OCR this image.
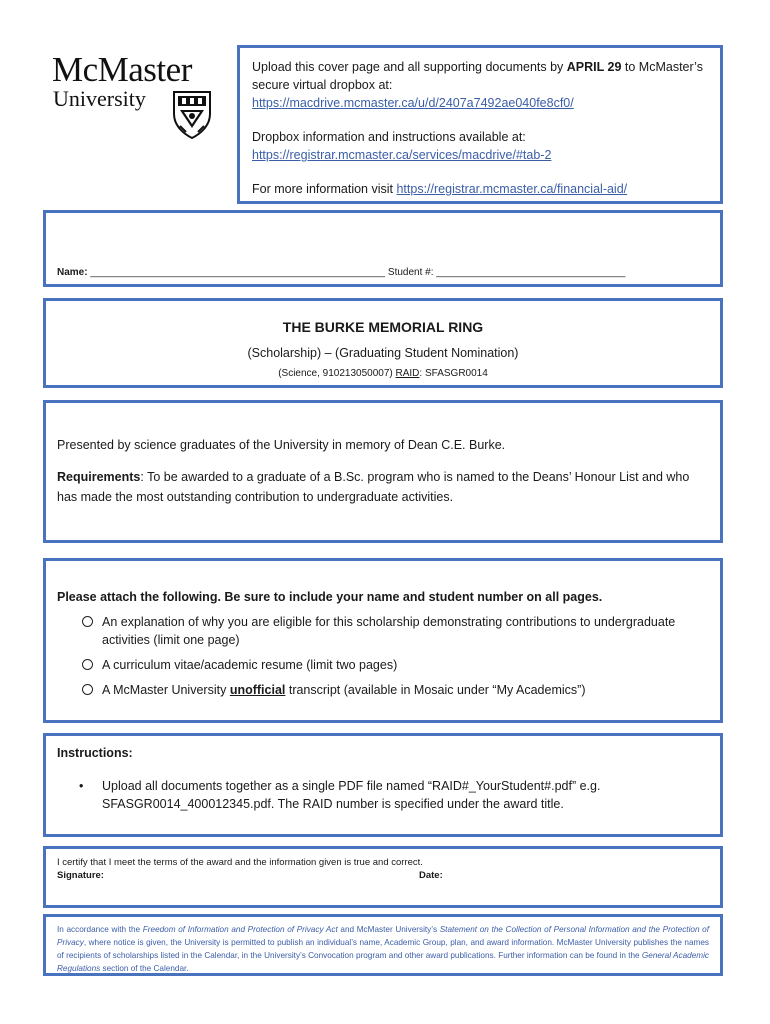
McMaster
University

Upload this cover page and all supporting documents by APRIL 29 to McMaster’s secure virtual dropbox at:
https://macdrive.mcmaster.ca/u/d/2407a7492ae040fe8cf0/

Dropbox information and instructions available at:
https://registrar.mcmaster.ca/services/macdrive/#tab-2

For more information visit https://registrar.mcmaster.ca/financial-aid/

Name: _____________________________________________________ Student #: __________________________________
THE BURKE MEMORIAL RING
(Scholarship) – (Graduating Student Nomination)
(Science, 910213050007) RAID: SFASGR0014

Presented by science graduates of the University in memory of Dean C.E. Burke.

Requirements: To be awarded to a graduate of a B.Sc. program who is named to the Deans’ Honour List and who has made the most outstanding contribution to undergraduate activities.

Please attach the following. Be sure to include your name and student number on all pages.
An explanation of why you are eligible for this scholarship demonstrating contributions to undergraduate activities (limit one page)
A curriculum vitae/academic resume (limit two pages)
A McMaster University unofficial transcript (available in Mosaic under “My Academics”)
Instructions:
• Upload all documents together as a single PDF file named “RAID#_YourStudent#.pdf” e.g. SFASGR0014_400012345.pdf. The RAID number is specified under the award title.
I certify that I meet the terms of the award and the information given is true and correct.
Signature:	Date:
In accordance with the Freedom of Information and Protection of Privacy Act and McMaster University’s Statement on the Collection of Personal Information and the Protection of Privacy, where notice is given, the University is permitted to publish an individual’s name, Academic Group, plan, and award information. McMaster University publishes the names of recipients of scholarships listed in the Calendar, in the University’s Convocation program and other award publications. Further information can be found in the General Academic Regulations section of the Calendar.
